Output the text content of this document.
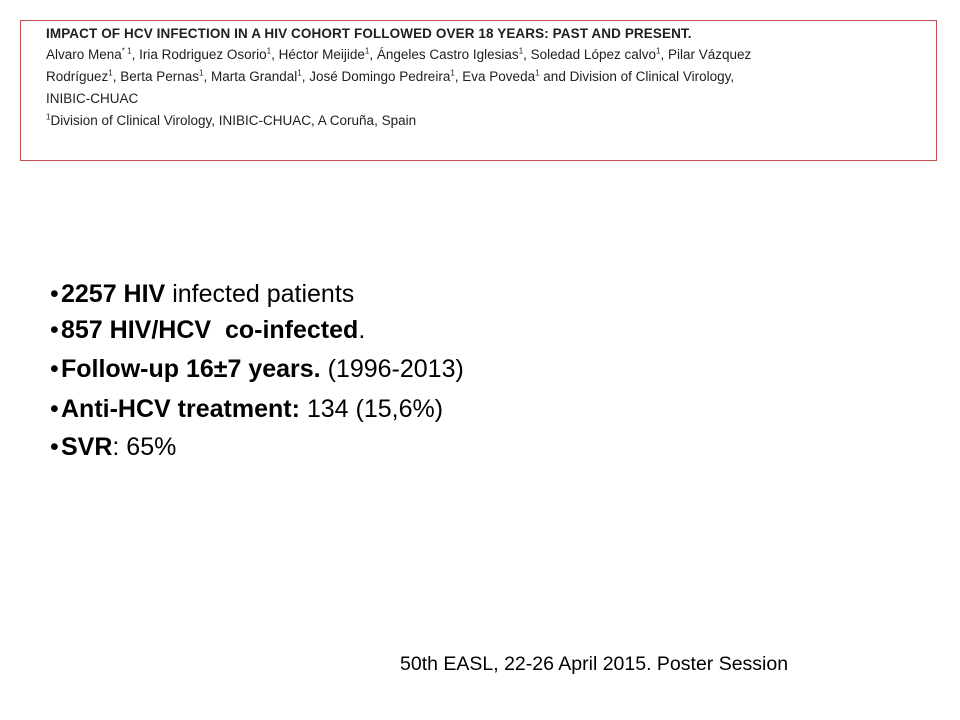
IMPACT OF HCV INFECTION IN A HIV COHORT FOLLOWED OVER 18 YEARS: PAST AND PRESENT.
Alvaro Mena$^{* 1}$, Iria Rodriguez Osorio$^1$, Héctor Meijide$^1$, Ángeles Castro Iglesias$^1$, Soledad López calvo$^1$, Pilar Vázquez
Rodríguez$^1$, Berta Pernas$^1$, Marta Grandal$^1$, José Domingo Pedreira$^1$, Eva Poveda$^1$ and Division of Clinical Virology,
INIBIC-CHUAC
$^1$Division of Clinical Virology, INIBIC-CHUAC, A Coruña, Spain
•2257 HIV infected patients
•857 HIV/HCV  co-infected.
•Follow-up 16±7 years. (1996-2013)
•Anti-HCV treatment: 134 (15,6%)
•SVR: 65%
50th EASL, 22-26 April 2015. Poster Session
